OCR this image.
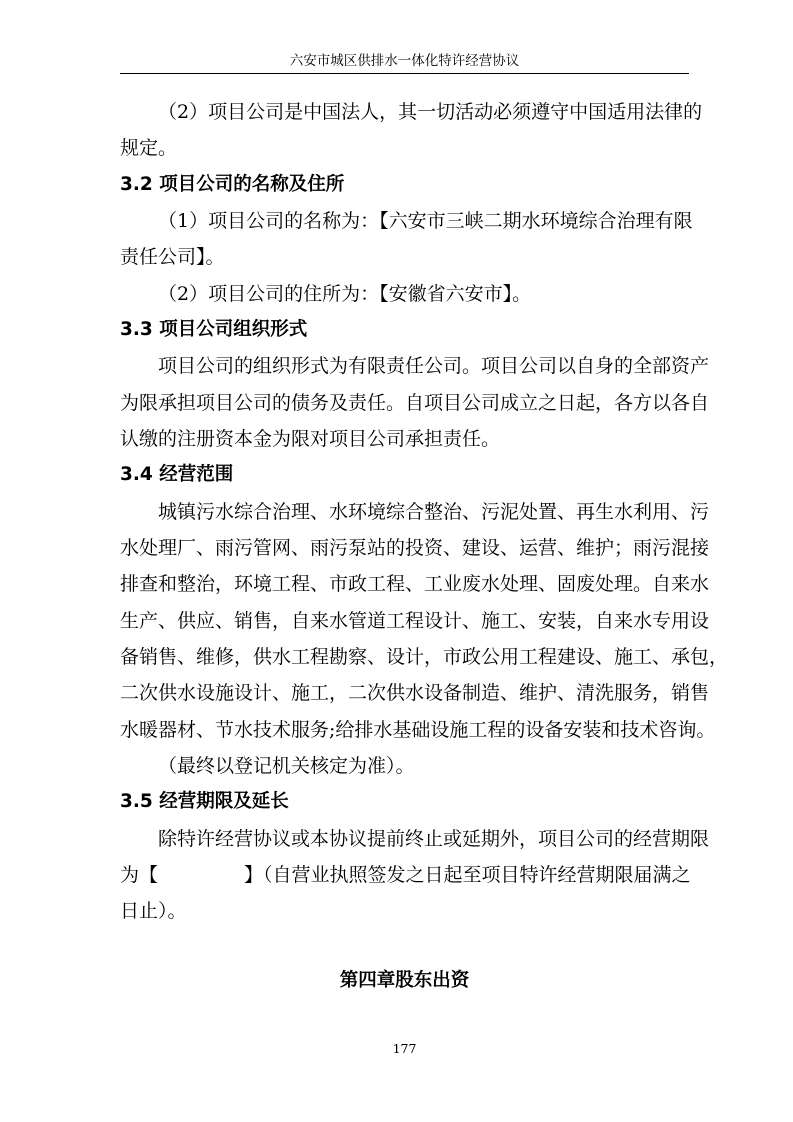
六安市城区供排水一体化特许经营协议
（2）项目公司是中国法人，其一切活动必须遵守中国适用法律的
规定。
3.2 项目公司的名称及住所
（1）项目公司的名称为：【六安市三峡二期水环境综合治理有限
责任公司】。
（2）项目公司的住所为：【安徽省六安市】。
3.3 项目公司组织形式
项目公司的组织形式为有限责任公司。项目公司以自身的全部资产
为限承担项目公司的债务及责任。自项目公司成立之日起，各方以各自
认缴的注册资本金为限对项目公司承担责任。
3.4 经营范围
城镇污水综合治理、水环境综合整治、污泥处置、再生水利用、污
水处理厂、雨污管网、雨污泵站的投资、建设、运营、维护；雨污混接
排查和整治，环境工程、市政工程、工业废水处理、固废处理。自来水
生产、供应、销售，自来水管道工程设计、施工、安装，自来水专用设
备销售、维修，供水工程勘察、设计，市政公用工程建设、施工、承包，
二次供水设施设计、施工，二次供水设备制造、维护、清洗服务，销售
水暖器材、节水技术服务;给排水基础设施工程的设备安装和技术咨询。
（最终以登记机关核定为准）。
3.5 经营期限及延长
除特许经营协议或本协议提前终止或延期外，项目公司的经营期限
为【	】（自营业执照签发之日起至项目特许经营期限届满之
日止）。
第四章股东出资
177
